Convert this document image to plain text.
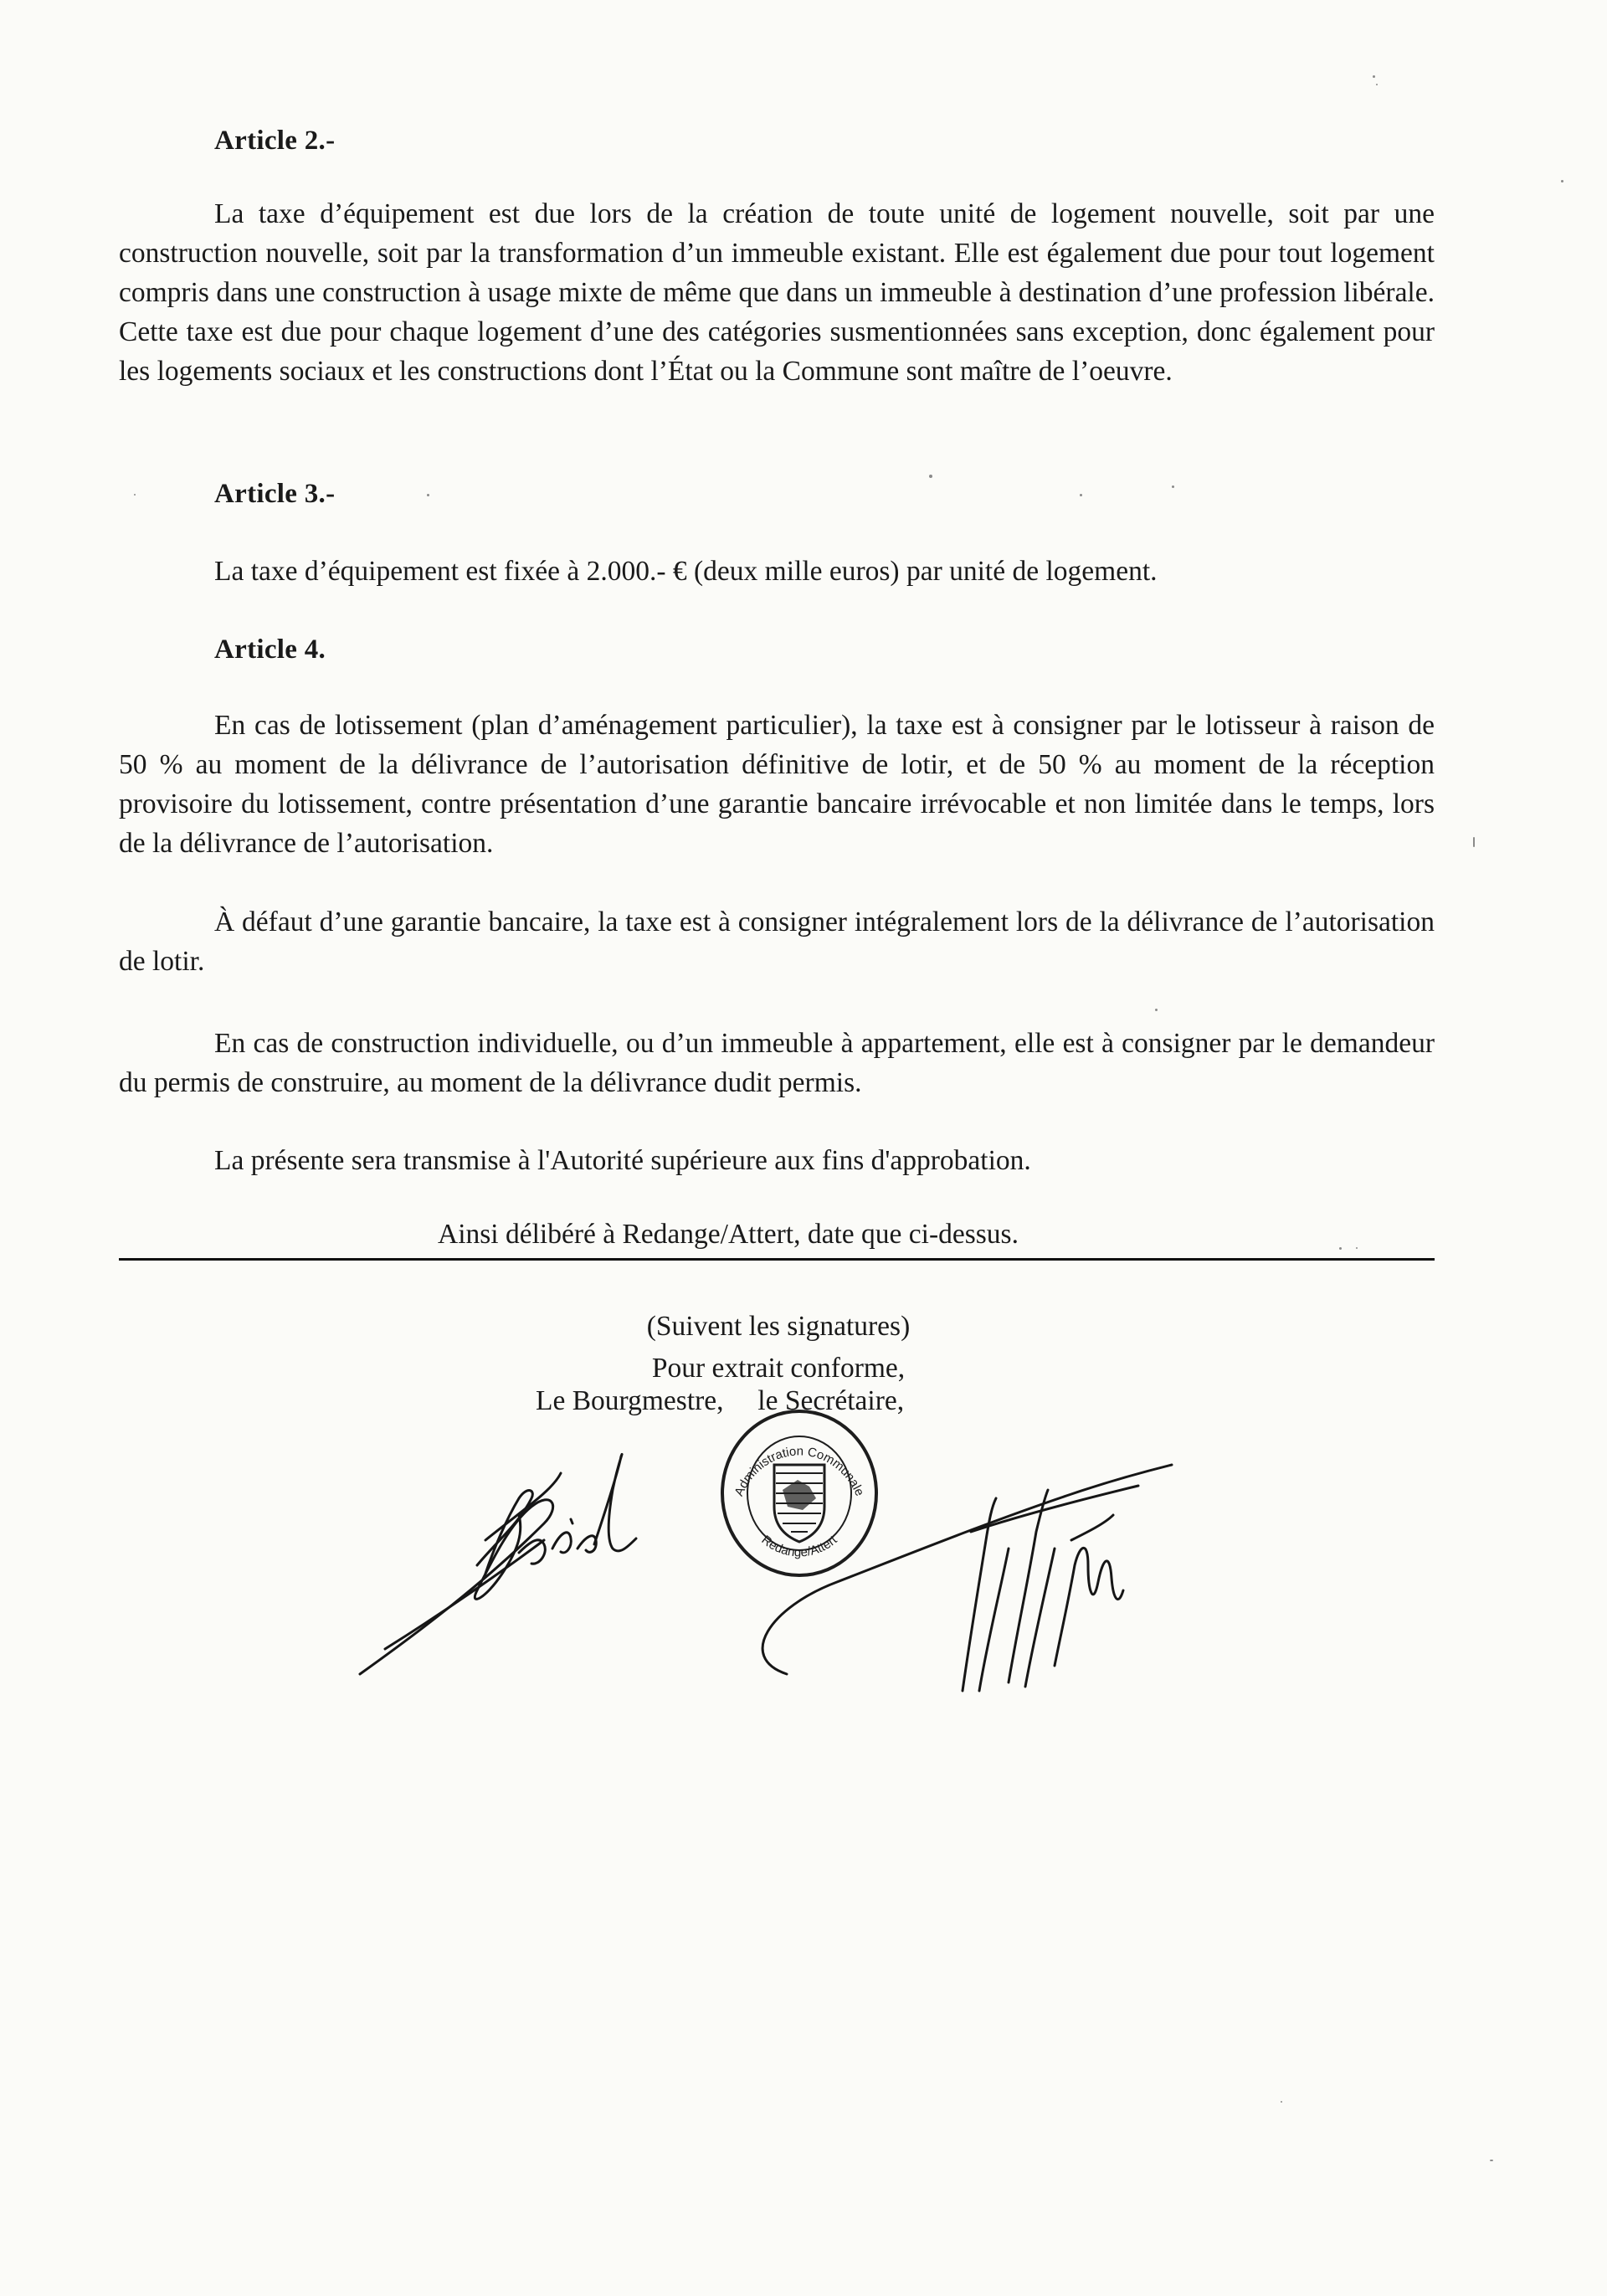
Article 2.-
La taxe d’équipement est due lors de la création de toute unité de logement nouvelle, soit par une construction nouvelle, soit par la transformation d’un immeuble existant. Elle est également due pour tout logement compris dans une construction à usage mixte de même que dans un immeuble à destination d’une profession libérale. Cette taxe est due pour chaque logement d’une des catégories susmentionnées sans exception, donc également pour les logements sociaux et les constructions dont l’État ou la Commune sont maître de l’oeuvre.
Article 3.-
La taxe d’équipement est fixée à 2.000.- € (deux mille euros) par unité de logement.
Article 4.
En cas de lotissement (plan d’aménagement particulier), la taxe est à consigner par le lotisseur à raison de 50 % au moment de la délivrance de l’autorisation définitive de lotir, et de 50 % au moment de la réception provisoire du lotissement, contre présentation d’une garantie bancaire irrévocable et non limitée dans le temps, lors de la délivrance de l’autorisation.
À défaut d’une garantie bancaire, la taxe est à consigner intégralement lors de la délivrance de l’autorisation de lotir.
En cas de construction individuelle, ou d’un immeuble à appartement, elle est à consigner par le demandeur du permis de construire, au moment de la délivrance dudit permis.
La présente sera transmise à l'Autorité supérieure aux fins d'approbation.
Ainsi délibéré à Redange/Attert, date que ci-dessus.
(Suivent les signatures)
Pour extrait conforme,
Le Bourgmestre, le Secrétaire,
Administration Communale
Redange/Attert
